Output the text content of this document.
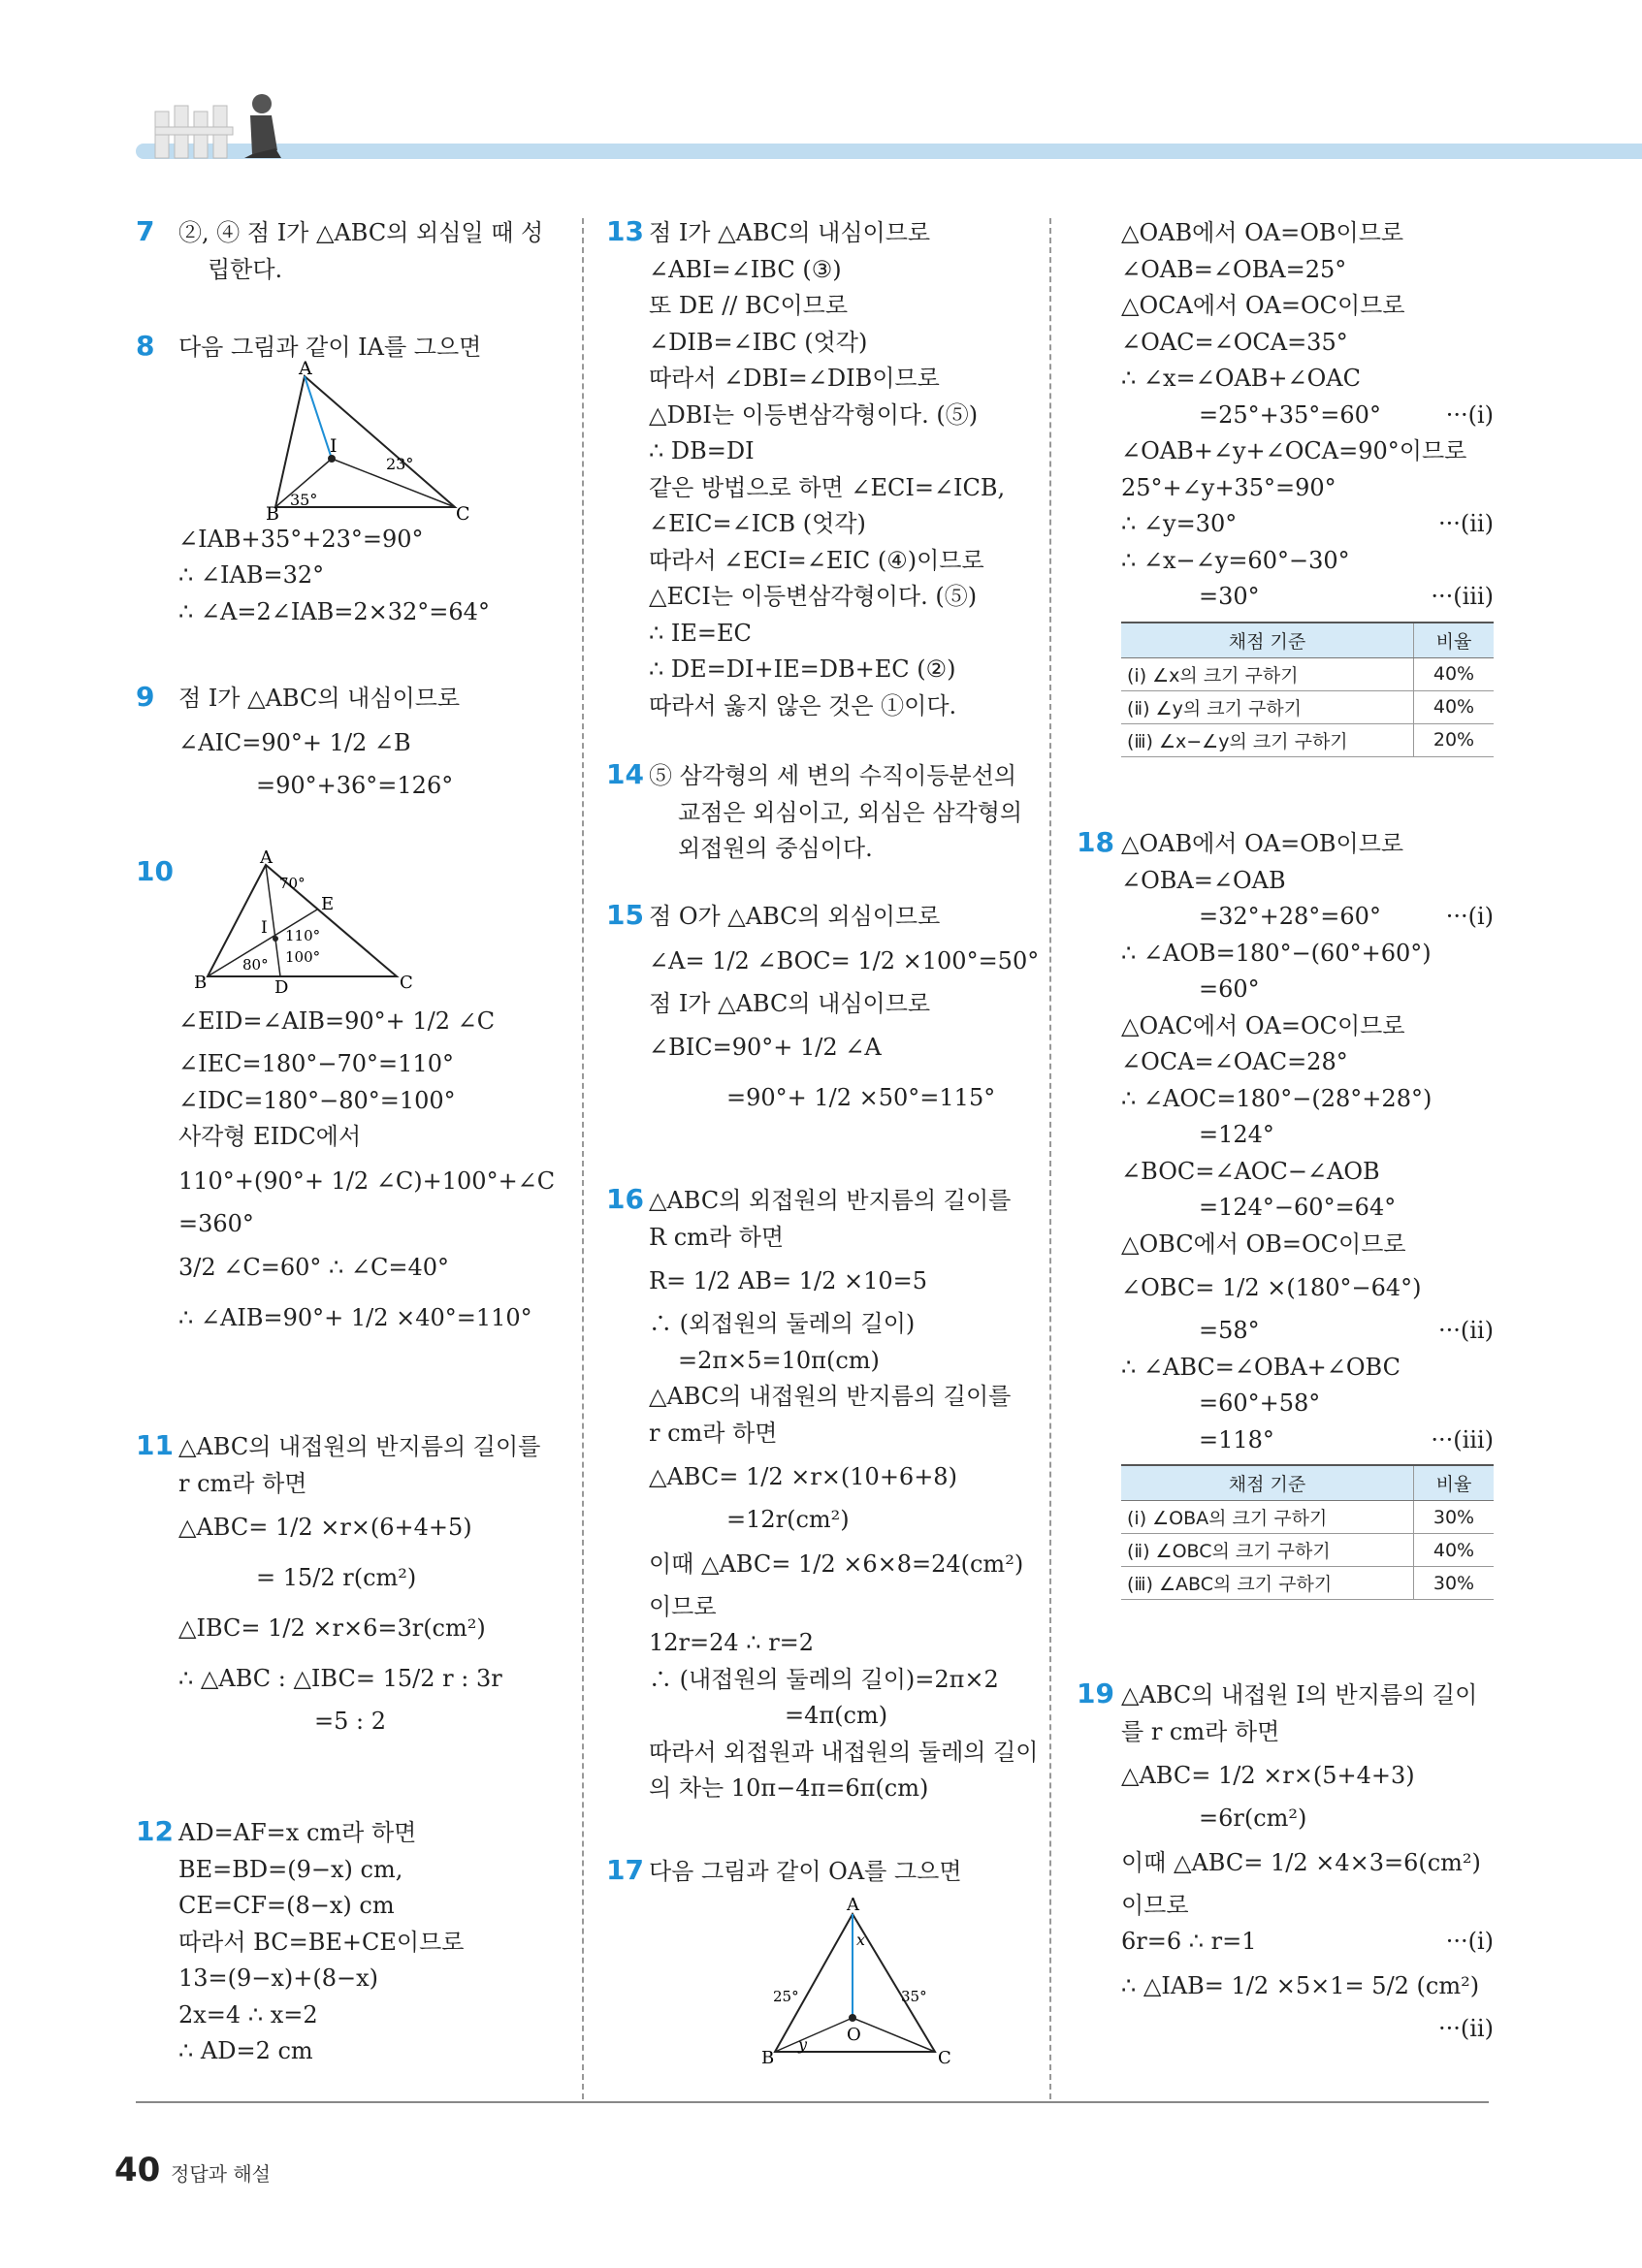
7 ②, ④ 점 I가 △ABC의 외심일 때 성
립한다.
8 다음 그림과 같이 IA를 그으면
A
B	C
I
23°
35°
∠IAB+35°+23°=90°
∴ ∠IAB=32°
∴ ∠A=2∠IAB=2×32°=64°
9 점 I가 △ABC의 내심이므로
∠AIC=90°+ 1/2 ∠B
=90°+36°=126°
10	A
B	C
D
E
I
70°
110°
80° 100°
∠EID=∠AIB=90°+ 1/2 ∠C
∠IEC=180°−70°=110°
∠IDC=180°−80°=100°
사각형 EIDC에서
110°+(90°+ 1/2 ∠C)+100°+∠C
=360°
3/2 ∠C=60° ∴ ∠C=40°
∴ ∠AIB=90°+ 1/2 ×40°=110°
11 △ABC의 내접원의 반지름의 길이를
r cm라 하면
△ABC= 1/2 ×r×(6+4+5)
= 15/2 r(cm²)
△IBC= 1/2 ×r×6=3r(cm²)
∴ △ABC : △IBC= 15/2 r : 3r
=5 : 2
12 AD=AF=x cm라 하면
BE=BD=(9−x) cm,
CE=CF=(8−x) cm
따라서 BC=BE+CE이므로
13=(9−x)+(8−x)
2x=4 ∴ x=2
∴ AD=2 cm
13 점 I가 △ABC의 내심이므로
∠ABI=∠IBC (③)
또 DE // BC이므로
∠DIB=∠IBC (엇각)
따라서 ∠DBI=∠DIB이므로
△DBI는 이등변삼각형이다. (⑤)
∴ DB=DI
같은 방법으로 하면 ∠ECI=∠ICB,
∠EIC=∠ICB (엇각)
따라서 ∠ECI=∠EIC (④)이므로
△ECI는 이등변삼각형이다. (⑤)
∴ IE=EC
∴ DE=DI+IE=DB+EC (②)
따라서 옳지 않은 것은 ①이다.
14 ⑤ 삼각형의 세 변의 수직이등분선의
교점은 외심이고, 외심은 삼각형의
외접원의 중심이다.
15 점 O가 △ABC의 외심이므로
∠A= 1/2 ∠BOC= 1/2 ×100°=50°
점 I가 △ABC의 내심이므로
∠BIC=90°+ 1/2 ∠A
=90°+ 1/2 ×50°=115°
16 △ABC의 외접원의 반지름의 길이를
R cm라 하면
R= 1/2 AB= 1/2 ×10=5
∴ (외접원의 둘레의 길이)
=2π×5=10π(cm)
△ABC의 내접원의 반지름의 길이를
r cm라 하면
△ABC= 1/2 ×r×(10+6+8)
=12r(cm²)
이때 △ABC= 1/2 ×6×8=24(cm²)
이므로
12r=24 ∴ r=2
∴ (내접원의 둘레의 길이)=2π×2
=4π(cm)
따라서 외접원과 내접원의 둘레의 길이
의 차는 10π−4π=6π(cm)
17 다음 그림과 같이 OA를 그으면
A
B	C
O
x
y
25°	35°
△OAB에서 OA=OB이므로
∠OAB=∠OBA=25°
△OCA에서 OA=OC이므로
∠OAC=∠OCA=35°
∴ ∠x=∠OAB+∠OAC
=25°+35°=60°	···(ⅰ)
∠OAB+∠y+∠OCA=90°이므로
25°+∠y+35°=90°
∴ ∠y=30°	···(ⅱ)
∴ ∠x−∠y=60°−30°
=30°	···(ⅲ)
채점 기준	비율
(ⅰ) ∠x의 크기 구하기	40%
(ⅱ) ∠y의 크기 구하기	40%
(ⅲ) ∠x−∠y의 크기 구하기	20%
18 △OAB에서 OA=OB이므로
∠OBA=∠OAB
=32°+28°=60°	···(ⅰ)
∴ ∠AOB=180°−(60°+60°)
=60°
△OAC에서 OA=OC이므로
∠OCA=∠OAC=28°
∴ ∠AOC=180°−(28°+28°)
=124°
∠BOC=∠AOC−∠AOB
=124°−60°=64°
△OBC에서 OB=OC이므로
∠OBC= 1/2 ×(180°−64°)
=58°	···(ⅱ)
∴ ∠ABC=∠OBA+∠OBC
=60°+58°
=118°	···(ⅲ)
채점 기준	비율
(ⅰ) ∠OBA의 크기 구하기	30%
(ⅱ) ∠OBC의 크기 구하기	40%
(ⅲ) ∠ABC의 크기 구하기	30%
19 △ABC의 내접원 I의 반지름의 길이
를 r cm라 하면
△ABC= 1/2 ×r×(5+4+3)
=6r(cm²)
이때 △ABC= 1/2 ×4×3=6(cm²)
이므로
6r=6 ∴ r=1	···(ⅰ)
∴ △IAB= 1/2 ×5×1= 5/2 (cm²)
···(ⅱ)
40 정답과 해설
